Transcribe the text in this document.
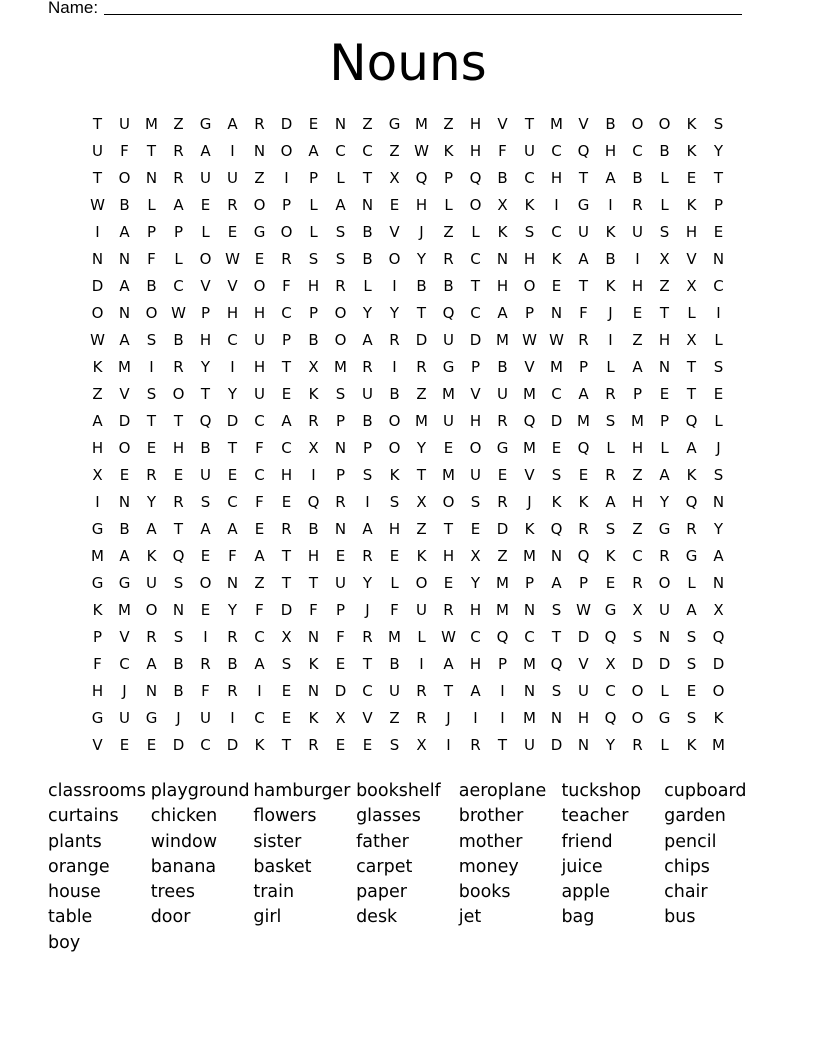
Name:
Nouns
T	U	M	Z	G	A	R	D	E	N	Z	G M	Z	H	V	T	M	V	B	O	O	K	S
U	F	T	R	A	I	N	O	A	C	C	Z W K	H	F	U	C	Q	H	C	B	K	Y
T	O	N	R	U	U	Z	I	P	L	T	X	Q	P	Q	B	C	H	T	A	B	L	E	T
W B	L	A	E	R	O	P	L	A	N	E	H	L	O	X	K	I	G	I	R	L	K	P
I	A	P	P	L	E	G	O	L	S	B	V	J	Z	L	K	S	C	U	K	U	S	H	E
N	N	F	L	O W E	R	S	S	B	O	Y	R	C	N	H	K	A	B	I	X	V	N
D	A	B	C	V	V	O	F	H	R	L	I	B	B	T	H	O	E	T	K	H	Z	X	C
O	N	O W	P	H	H	C	P	O	Y	Y	T	Q	C	A	P	N	F	J	E	T	L	I
W A	S	B	H	C	U	P	B	O	A	R	D	U	D M W W R	I	Z	H	X	L
K	M	I	R	Y	I	H	T	X	M	R	I	R	G	P	B	V	M	P	L	A	N	T	S
Z	V	S	O	T	Y	U	E	K	S	U	B	Z	M	V	U	M	C	A	R	P	E	T	E
A	D	T	T	Q	D	C	A	R	P	B	O M	U	H	R	Q	D M	S	M	P	Q	L
H	O	E	H	B	T	F	C	X	N	P	O	Y	E	O	G M	E	Q	L	H	L	A	J
X	E	R	E	U	E	C	H	I	P	S	K	T	M	U	E	V	S	E	R	Z	A	K	S
I	N	Y	R	S	C	F	E	Q	R	I	S	X	O	S	R	J	K	K	A	H	Y	Q	N
G	B	A	T	A	A	E	R	B	N	A	H	Z	T	E	D	K	Q	R	S	Z	G	R	Y
M	A	K	Q	E	F	A	T	H	E	R	E	K	H	X	Z	M N	Q	K	C	R	G	A
G	G	U	S	O	N	Z	T	T	U	Y	L	O	E	Y	M	P	A	P	E	R	O	L	N
K	M O	N	E	Y	F	D	F	P	J	F	U	R	H M N	S W G	X	U	A	X
P	V	R	S	I	R	C	X	N	F	R	M	L	W C	Q	C	T	D	Q	S	N	S	Q
F	C	A	B	R	B	A	S	K	E	T	B	I	A	H	P	M Q	V	X	D	D	S	D
H	J	N	B	F	R	I	E	N	D	C	U	R	T	A	I	N	S	U	C	O	L	E	O
G	U	G	J	U	I	C	E	K	X	V	Z	R	J	I	I	M N	H	Q	O	G	S	K
V	E	E	D	C	D	K	T	R	E	E	S	X	I	R	T	U	D	N	Y	R	L	K	M
classrooms playground hamburger bookshelf	aeroplane tuckshop	cupboard
curtains	chicken	flowers	glasses	brother	teacher	garden
plants	window	sister	father	mother	friend	pencil
orange	banana	basket	carpet	money	juice	chips
house	trees	train	paper	books	apple	chair
table	door	girl	desk	jet	bag	bus
boy
